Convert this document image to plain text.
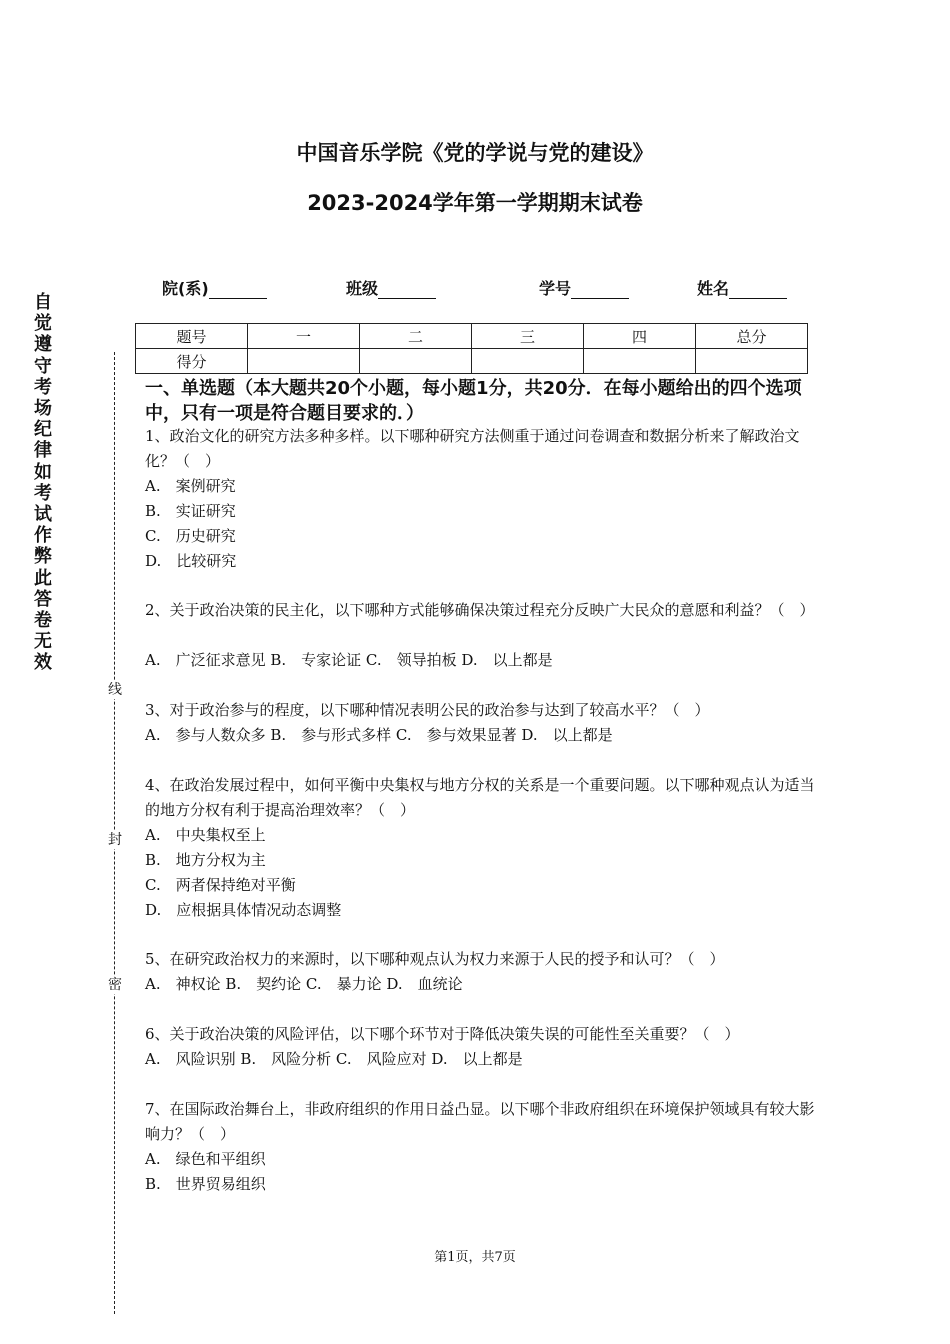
中国音乐学院《党的学说与党的建设》
2023-2024学年第一学期期末试卷
自觉遵守考场纪律如考试作弊此答卷无效
线
封
密
院(系)	班级	学号	姓名
题号	一	二	三	四	总分
得分					
一、单选题（本大题共20个小题，每小题1分，共20分．在每小题给出的四个选项中，只有一项是符合题目要求的．）
1、政治文化的研究方法多种多样。以下哪种研究方法侧重于通过问卷调查和数据分析来了解政治文化？（　）
A.　案例研究
B.　实证研究
C.　历史研究
D.　比较研究
2、关于政治决策的民主化，以下哪种方式能够确保决策过程充分反映广大民众的意愿和利益？（　）
A.　广泛征求意见 B.　专家论证 C.　领导拍板 D.　以上都是
3、对于政治参与的程度，以下哪种情况表明公民的政治参与达到了较高水平？（　）
A.　参与人数众多 B.　参与形式多样 C.　参与效果显著 D.　以上都是
4、在政治发展过程中，如何平衡中央集权与地方分权的关系是一个重要问题。以下哪种观点认为适当的地方分权有利于提高治理效率？（　）
A.　中央集权至上
B.　地方分权为主
C.　两者保持绝对平衡
D.　应根据具体情况动态调整
5、在研究政治权力的来源时，以下哪种观点认为权力来源于人民的授予和认可？（　）
A.　神权论 B.　契约论 C.　暴力论 D.　血统论
6、关于政治决策的风险评估，以下哪个环节对于降低决策失误的可能性至关重要？（　）
A.　风险识别 B.　风险分析 C.　风险应对 D.　以上都是
7、在国际政治舞台上，非政府组织的作用日益凸显。以下哪个非政府组织在环境保护领域具有较大影响力？（　）
A.　绿色和平组织
B.　世界贸易组织
第1页，共7页
